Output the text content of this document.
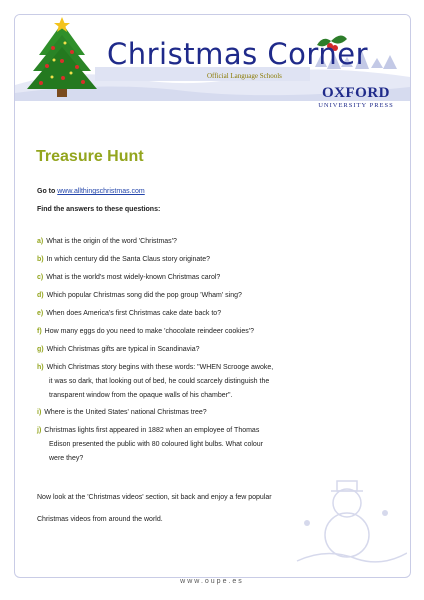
Christmas Corner
Official Language Schools
OXFORD
UNIVERSITY PRESS
Treasure Hunt
Go to www.allthingschristmas.com
Find the answers to these questions:
a) What is the origin of the word 'Christmas'?
b) In which century did the Santa Claus story originate?
c) What is the world's most widely-known Christmas carol?
d) Which popular Christmas song did the pop group 'Wham' sing?
e) When does America's first Christmas cake date back to?
f) How many eggs do you need to make 'chocolate reindeer cookies'?
g) Which Christmas gifts are typical in Scandinavia?
h) Which Christmas story begins with these words: "WHEN Scrooge awoke,
it was so dark, that looking out of bed, he could scarcely distinguish the
transparent window from the opaque walls of his chamber".
i) Where is the United States' national Christmas tree?
j) Christmas lights first appeared in 1882 when an employee of Thomas
Edison presented the public with 80 coloured light bulbs. What colour
were they?
Now look at the 'Christmas videos' section, sit back and enjoy a few popular
Christmas videos from around the world.
www.oupe.es
